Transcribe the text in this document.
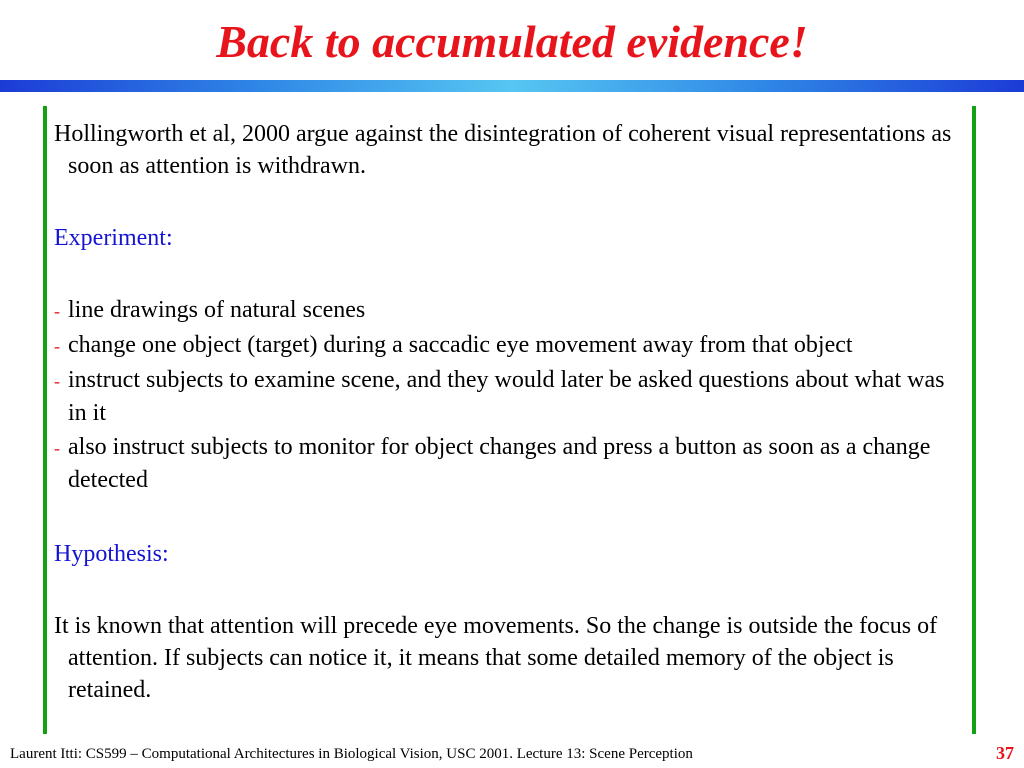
Back to accumulated evidence!

Hollingworth et al, 2000 argue against the disintegration of coherent visual representations as soon as attention is withdrawn.

Experiment:

- line drawings of natural scenes

- change one object (target) during a saccadic eye movement away from that object

- instruct subjects to examine scene, and they would later be asked questions about what was in it

- also instruct subjects to monitor for object changes and press a button as soon as a change detected

Hypothesis:

It is known that attention will precede eye movements. So the change is outside the focus of attention. If subjects can notice it, it means that some detailed memory of the object is retained.

Laurent Itti: CS599 – Computational Architectures in Biological Vision, USC 2001. Lecture 13: Scene Perception	37
